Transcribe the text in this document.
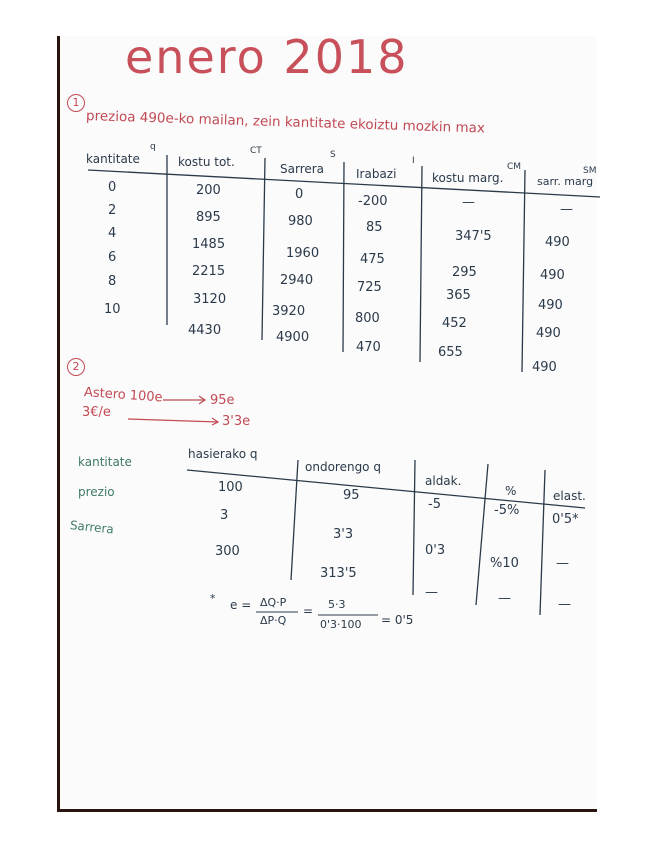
enero 2018
1
prezioa 490e-ko mailan, zein kantitate ekoiztu mozkin max
kantitate
q
kostu tot.
CT
Sarrera
S
Irabazi
I
kostu marg.
CM
sarr. marg
SM
0
2
4
6
8
10
200
895
1485
2215
3120
4430
0
980
1960
2940
3920
4900
-200
85
475
725
800
470
—
347'5
295
365
452
655
—
490
490
490
490
490
2
Astero 100e	95e
3€/e
3'3e
kantitate
prezio
Sarrera
hasierako q
ondorengo q
aldak.
%	elast.
100
3
300
95
3'3
313'5
-5
0'3
—
-5%
%10
—
0'5*
—
—
* e = ΔQ·P
ΔP·Q
= 5·3
0'3·100 = 0'5
